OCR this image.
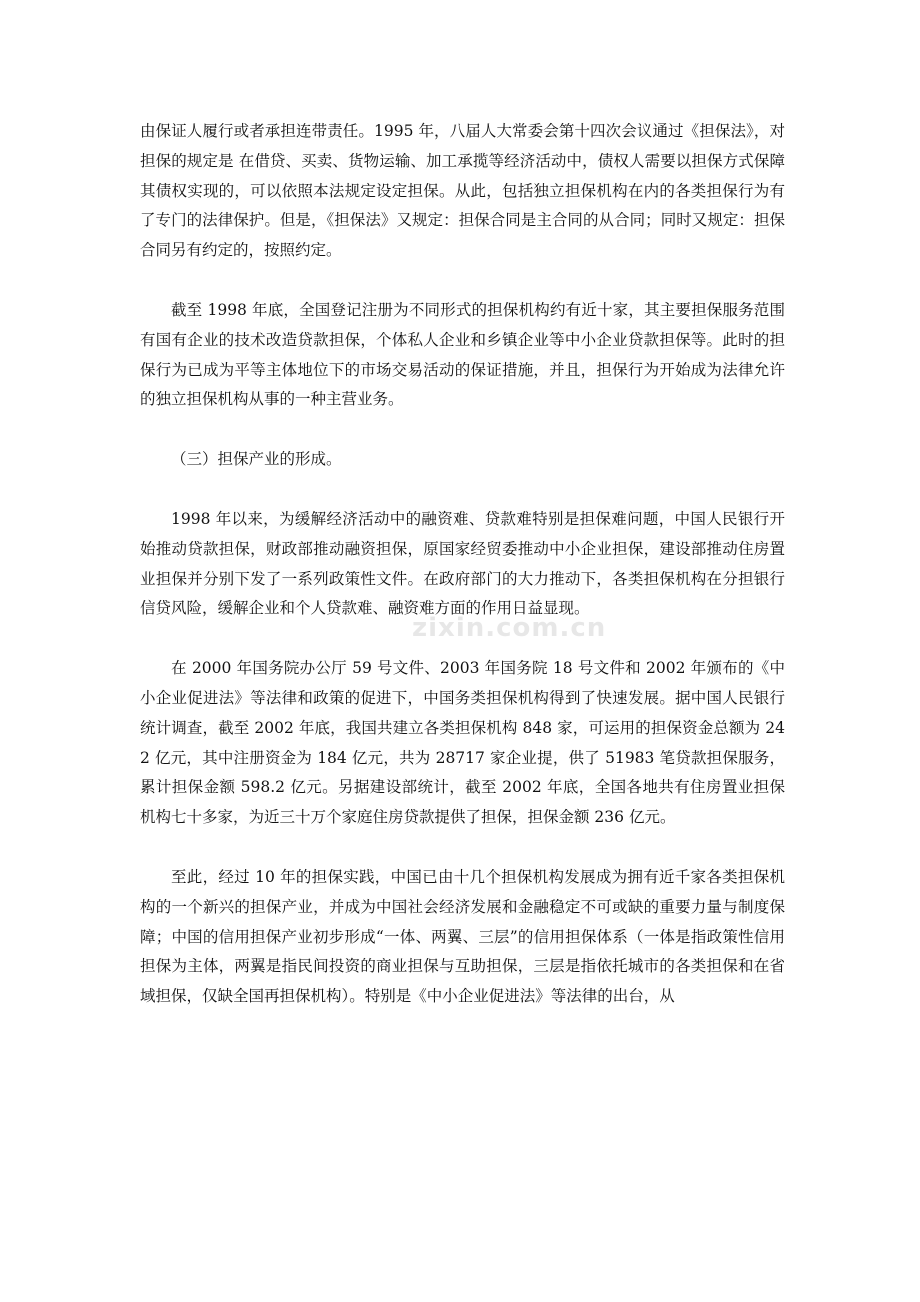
由保证人履行或者承担连带责任。1995 年，八届人大常委会第十四次会议通过《担保法》，对担保的规定是 在借贷、买卖、货物运输、加工承揽等经济活动中，债权人需要以担保方式保障其债权实现的，可以依照本法规定设定担保。从此，包括独立担保机构在内的各类担保行为有了专门的法律保护。但是，《担保法》又规定：担保合同是主合同的从合同；同时又规定：担保合同另有约定的，按照约定。

截至 1998 年底，全国登记注册为不同形式的担保机构约有近十家，其主要担保服务范围有国有企业的技术改造贷款担保，个体私人企业和乡镇企业等中小企业贷款担保等。此时的担保行为已成为平等主体地位下的市场交易活动的保证措施，并且，担保行为开始成为法律允许的独立担保机构从事的一种主营业务。

（三）担保产业的形成。

1998 年以来，为缓解经济活动中的融资难、贷款难特别是担保难问题，中国人民银行开始推动贷款担保，财政部推动融资担保，原国家经贸委推动中小企业担保，建设部推动住房置业担保并分别下发了一系列政策性文件。在政府部门的大力推动下，各类担保机构在分担银行信贷风险，缓解企业和个人贷款难、融资难方面的作用日益显现。

在 2000 年国务院办公厅 59 号文件、2003 年国务院 18 号文件和 2002 年颁布的《中小企业促进法》等法律和政策的促进下，中国务类担保机构得到了快速发展。据中国人民银行统计调查，截至 2002 年底，我国共建立各类担保机构 848 家，可运用的担保资金总额为 242 亿元，其中注册资金为 184 亿元，共为 28717 家企业提，供了 51983 笔贷款担保服务，累计担保金额 598.2 亿元。另据建设部统计，截至 2002 年底，全国各地共有住房置业担保机构七十多家，为近三十万个家庭住房贷款提供了担保，担保金额 236 亿元。

至此，经过 10 年的担保实践，中国已由十几个担保机构发展成为拥有近千家各类担保机构的一个新兴的担保产业，并成为中国社会经济发展和金融稳定不可或缺的重要力量与制度保障；中国的信用担保产业初步形成“一体、两翼、三层”的信用担保体系（一体是指政策性信用担保为主体，两翼是指民间投资的商业担保与互助担保，三层是指依托城市的各类担保和在省域担保，仅缺全国再担保机构）。特别是《中小企业促进法》等法律的出台，从

zixin.com.cn
